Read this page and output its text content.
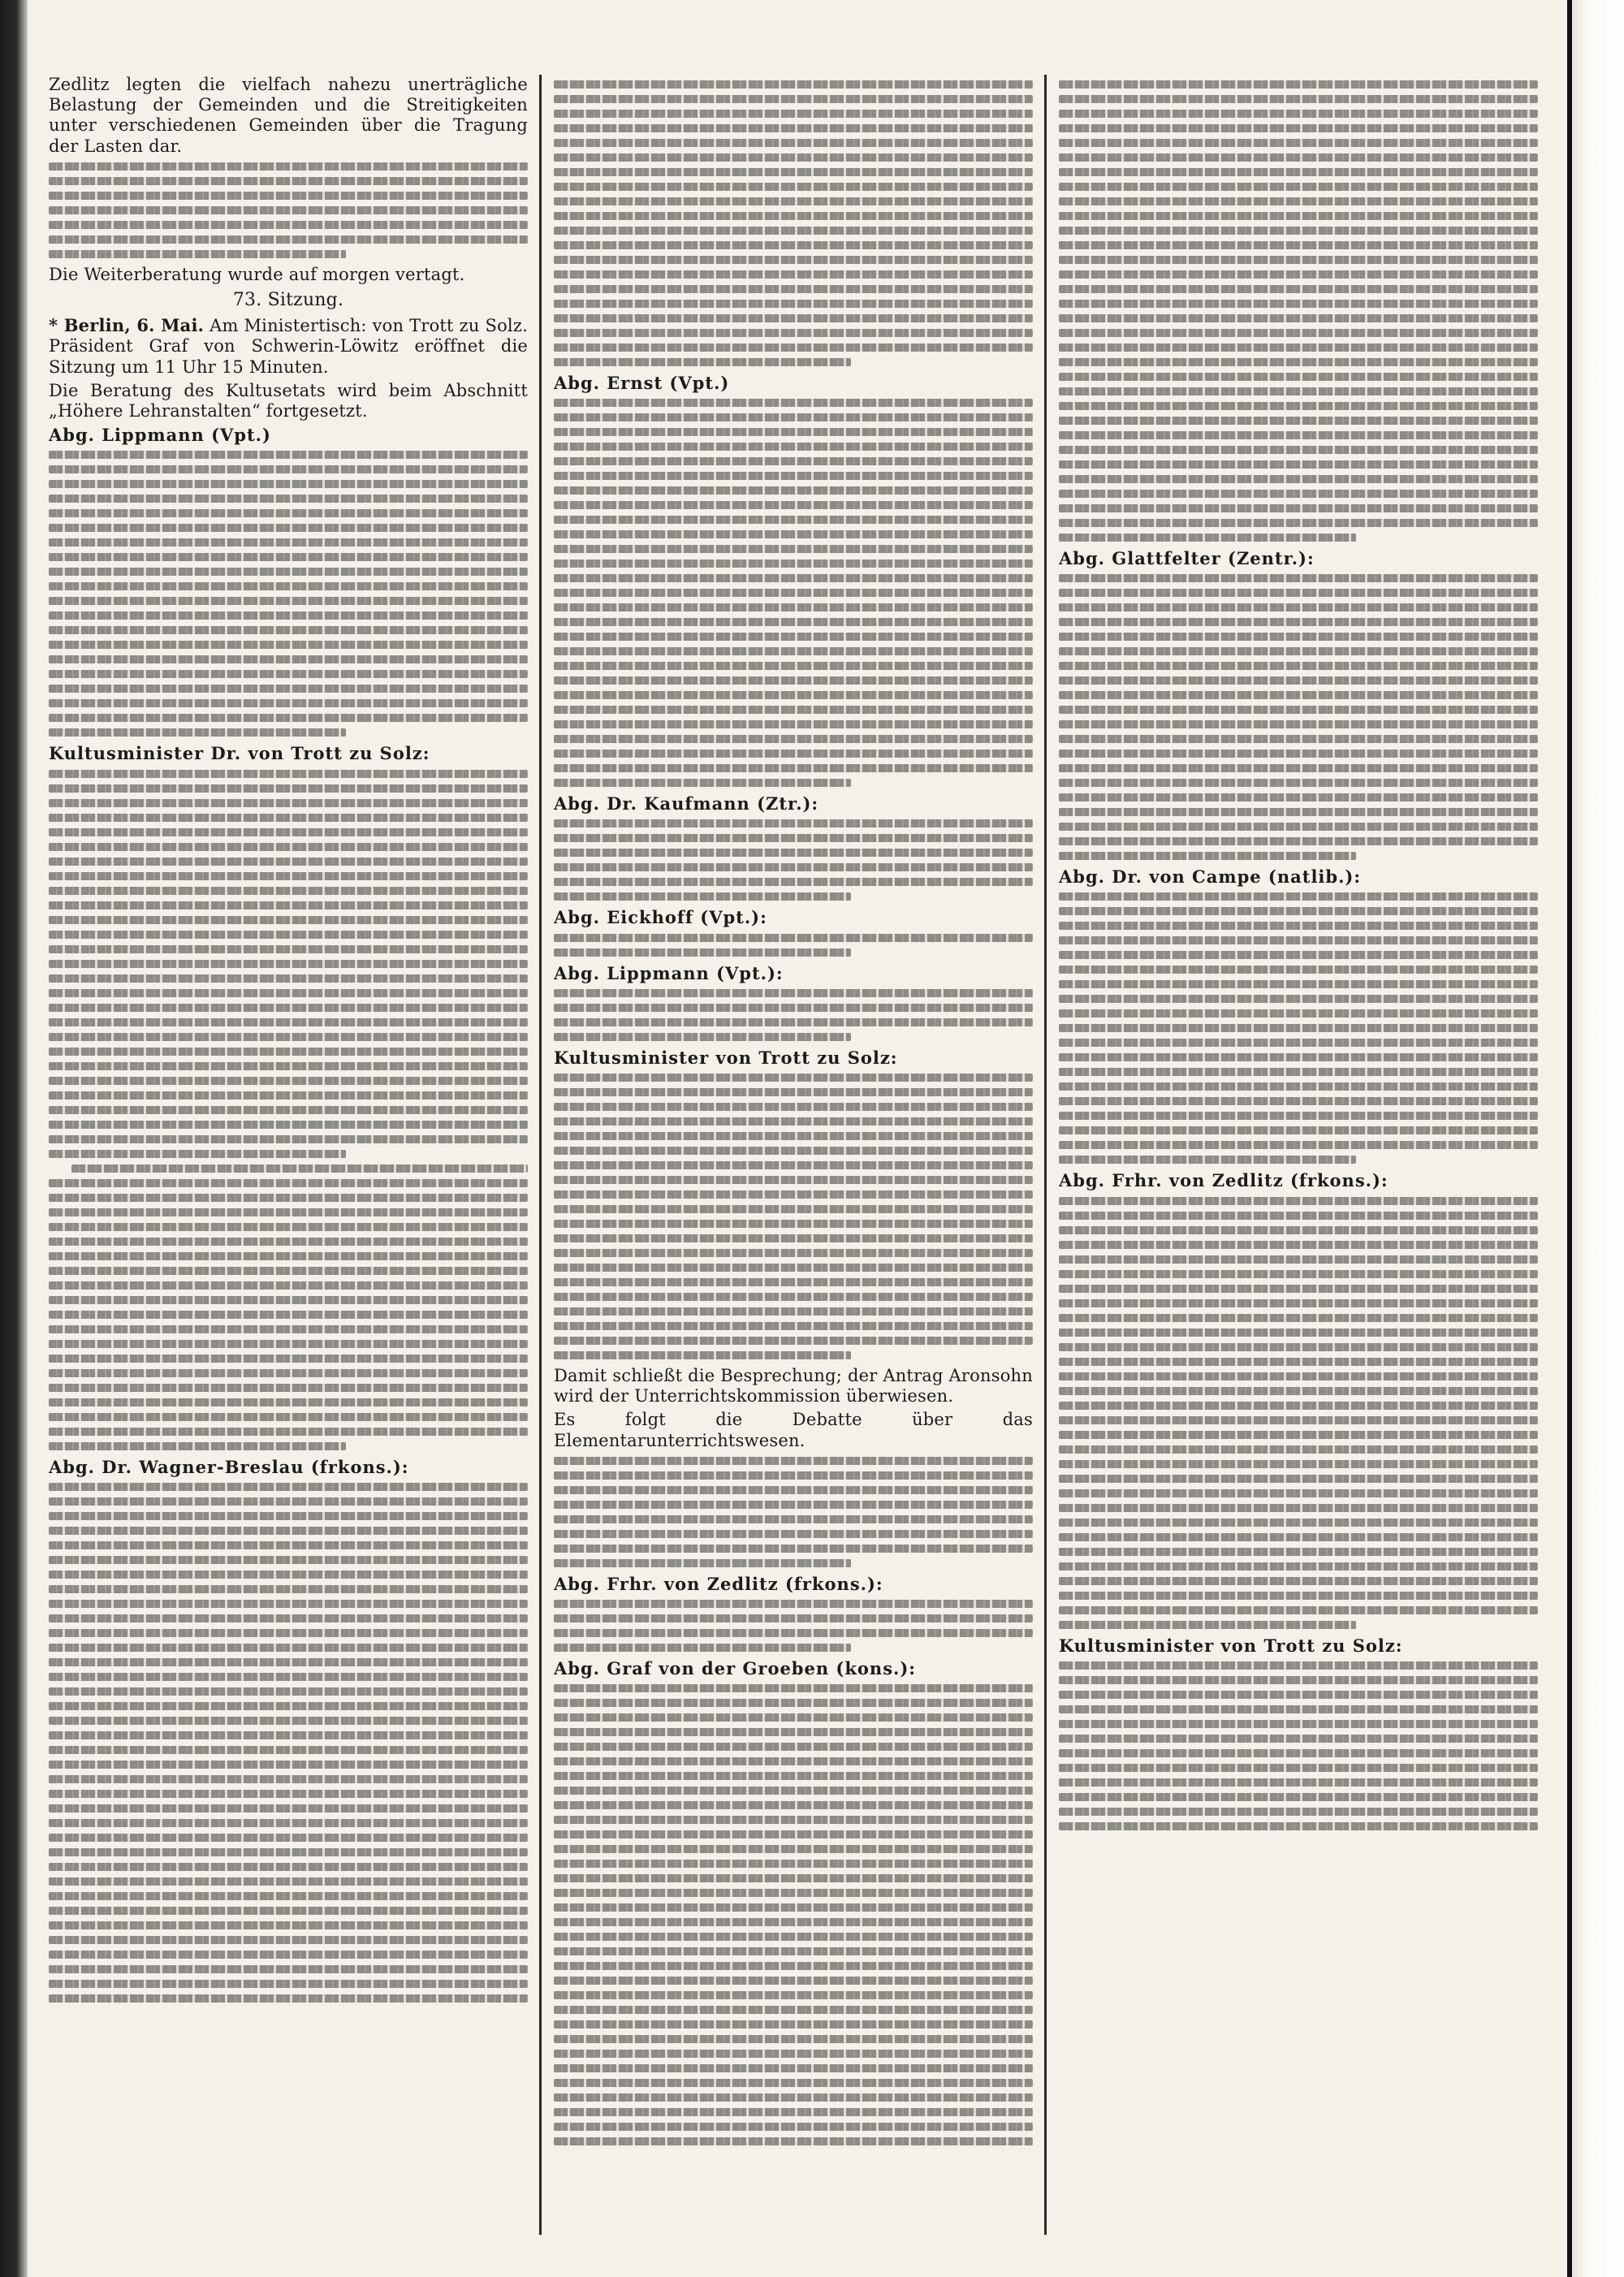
Zedlitz legten die vielfach nahezu unerträgliche Belastung der Gemeinden und die Streitigkeiten unter verschiedenen Gemeinden über die Tragung der Lasten dar.

Die Weiterberatung wurde auf morgen vertagt.

73. Sitzung.

* Berlin, 6. Mai. Am Ministertisch: von Trott zu Solz. Präsident Graf von Schwerin-Löwitz eröffnet die Sitzung um 11 Uhr 15 Minuten.

Die Beratung des Kultusetats wird beim Abschnitt „Höhere Lehranstalten“ fortgesetzt.

Abg. Lippmann (Vpt.)

Kultusminister Dr. von Trott zu Solz:

Abg. Dr. Wagner-Breslau (frkons.):

Abg. Ernst (Vpt.)

Abg. Dr. Kaufmann (Ztr.):

Abg. Eickhoff (Vpt.):

Abg. Lippmann (Vpt.):

Kultusminister von Trott zu Solz:

Damit schließt die Besprechung; der Antrag Aronsohn wird der Unterrichtskommission überwiesen.

Es folgt die Debatte über das Elementarunterrichtswesen.

Abg. Frhr. von Zedlitz (frkons.):

Abg. Graf von der Groeben (kons.):

Abg. Glattfelter (Zentr.):

Abg. Dr. von Campe (natlib.):

Abg. Frhr. von Zedlitz (frkons.):

Kultusminister von Trott zu Solz:
